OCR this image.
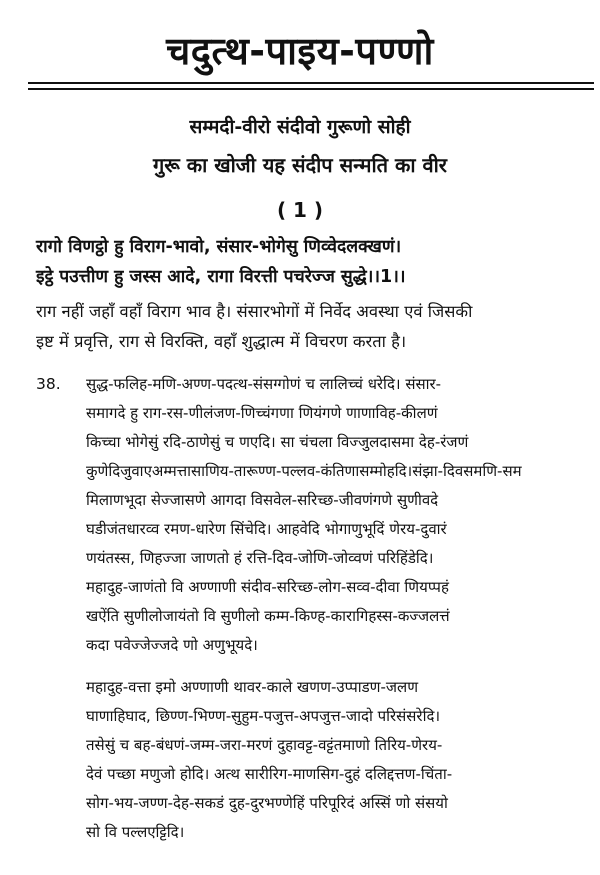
चदुत्थ-पाइय-पण्णो
सम्मदी-वीरो संदीवो गुरूणो सोही
गुरू का खोजी यह संदीप सन्मति का वीर
( 1 )
रागो विणट्ठो हु विराग-भावो, संसार-भोगेसु णिव्वेदलक्खणं।
इट्ठे पउत्तीण हु जस्स आदे, रागा विरत्ती पचरेज्ज सुद्धे।।1।।
राग नहीं जहाँ वहाँ विराग भाव है। संसारभोगों में निर्वेद अवस्था एवं जिसकी
इष्ट में प्रवृत्ति, राग से विरक्ति, वहाँ शुद्धात्म में विचरण करता है।
38. सुद्ध-फलिह-मणि-अण्ण-पदत्थ-संसग्गोणं च लालिच्चं धरेदि। संसार-
समागदे हु राग-रस-णीलंजण-णिच्चंगणा णियंगणे णाणाविह-कीलणं
किच्चा भोगेसुं रदि-ठाणेसुं च णएदि। सा चंचला विज्जुलदासमा देह-रंजणं
कुणेदिजुवाएअम्मत्तासाणिय-तारूण्ण-पल्लव-कंतिणासम्मोहदि।संझा-दिवसमणि-सम
मिलाणभूदा सेज्जासणे आगदा विसवेल-सरिच्छ-जीवणंगणे सुणीवदे
घडीजंतधारव्व रमण-धारेण सिंचेदि। आहवेदि भोगाणुभूदिं णेरय-दुवारं
णयंतस्स, णिहज्जा जाणतो हं रत्ति-दिव-जोणि-जोव्वणं परिहिंडेदि।
महादुह-जाणंतो वि अण्णाणी संदीव-सरिच्छ-लोग-सव्व-दीवा णियप्पहं
खऐंति सुणीलोजायंतो वि सुणीलो कम्म-किण्ह-कारागिहस्स-कज्जलत्तं
कदा पवेज्जेज्जदे णो अणुभूयदे।
महादुह-वत्ता इमो अण्णाणी थावर-काले खणण-उप्पाडण-जलण
घाणाहिघाद, छिण्ण-भिण्ण-सुहुम-पजुत्त-अपजुत्त-जादो परिसंसरेदि।
तसेसुं च बह-बंधणं-जम्म-जरा-मरणं दुहावट्ट-वट्टंतमाणो तिरिय-णेरय-
देवं पच्छा मणुजो होदि। अत्थ सारीरिग-माणसिग-दुहं दलिद्दत्तण-चिंता-
सोग-भय-जण्ण-देह-सकडं दुह-दुरभण्णेहिं परिपूरिदं अस्सिं णो संसयो
सो वि पल्लएट्टिदि।
